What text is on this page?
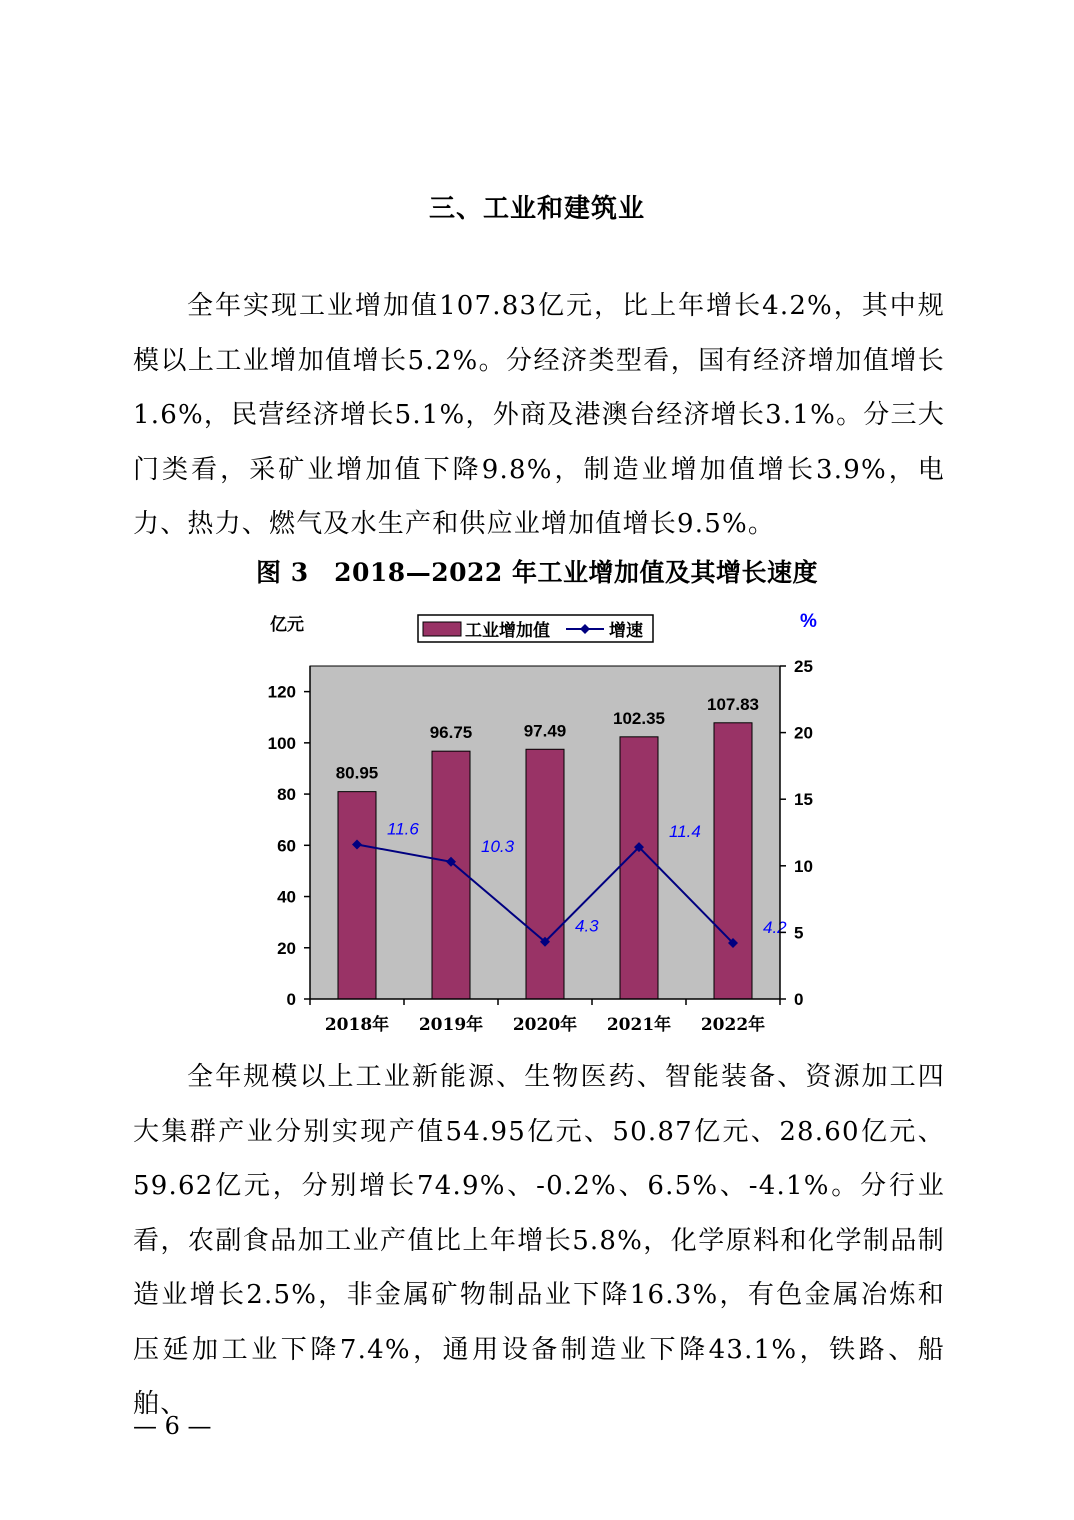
三、工业和建筑业

全年实现工业增加值107.83亿元，比上年增长4.2%，其中规模以上工业增加值增长5.2%。分经济类型看，国有经济增加值增长1.6%，民营经济增长5.1%，外商及港澳台经济增长3.1%。分三大门类看，采矿业增加值下降9.8%，制造业增加值增长3.9%，电力、热力、燃气及水生产和供应业增加值增长9.5%。

图 3　2018—2022 年工业增加值及其增长速度
亿元	%
工业增加值	增速
80.95
96.75	97.49
102.35
107.83
11.6
10.3
4.3
11.4
4.2
0
20
40
60
80
100
120
0
5
10
15
20
25
2018年 2019年 2020年 2021年 2022年

全年规模以上工业新能源、生物医药、智能装备、资源加工四大集群产业分别实现产值54.95亿元、50.87亿元、28.60亿元、59.62亿元，分别增长74.9%、-0.2%、6.5%、-4.1%。分行业看，农副食品加工业产值比上年增长5.8%，化学原料和化学制品制造业增长2.5%，非金属矿物制品业下降16.3%，有色金属冶炼和压延加工业下降7.4%，通用设备制造业下降43.1%，铁路、船舶、

— 6 —
